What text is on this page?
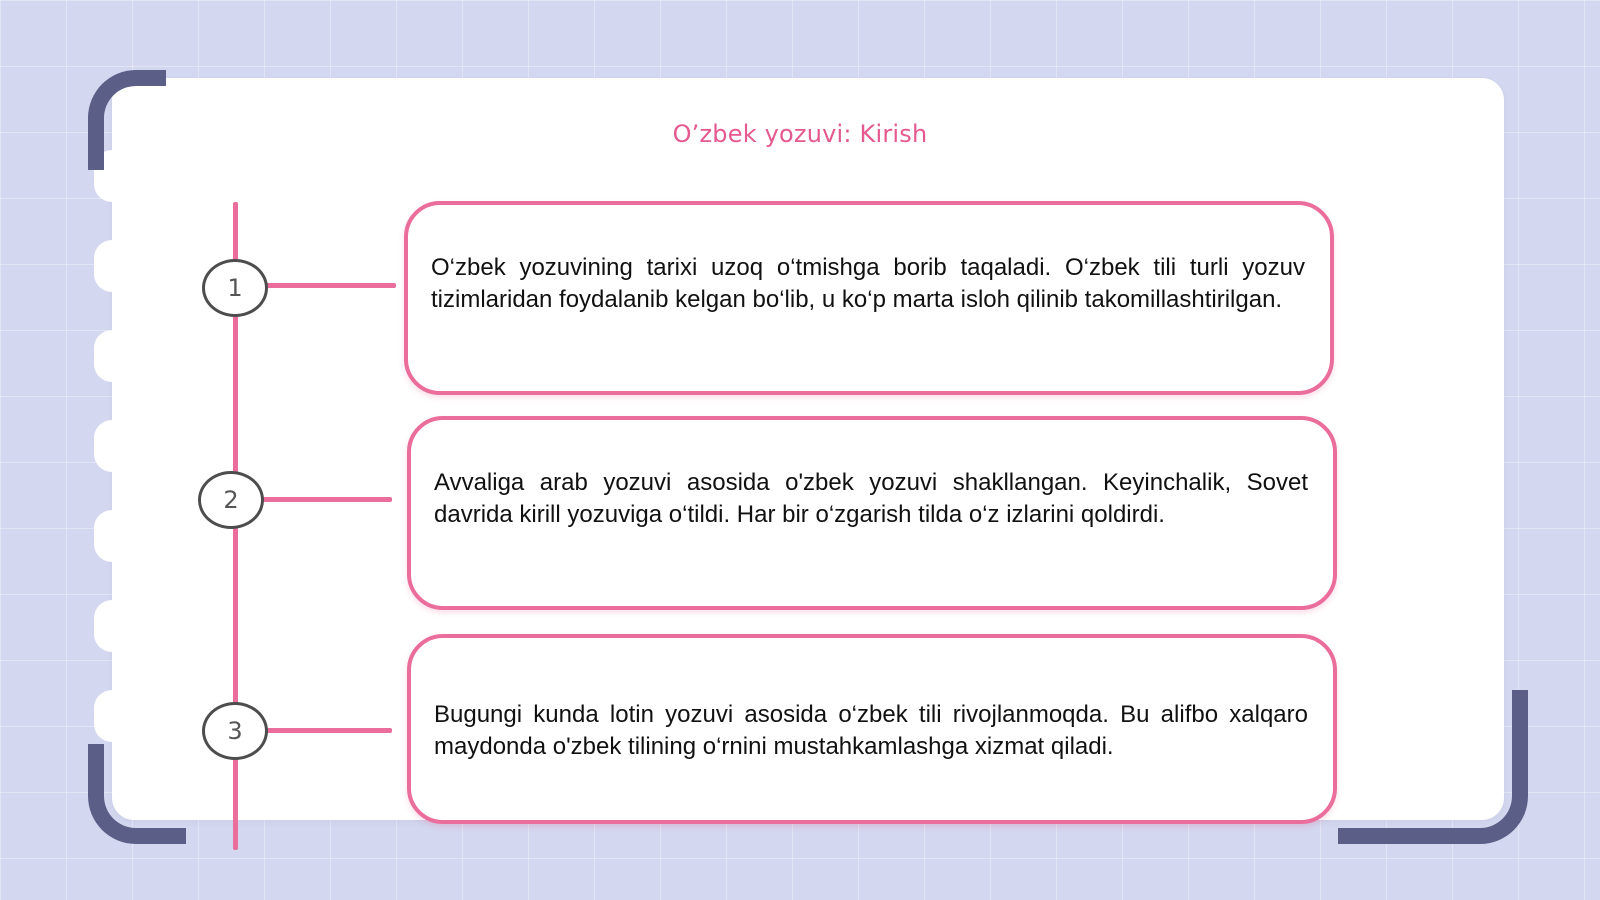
Oʼzbek yozuvi: Kirish
1
O‘zbek yozuvining tarixi uzoq o‘tmishga borib taqaladi. O‘zbek tili turli yozuv tizimlaridan foydalanib kelgan bo‘lib, u ko‘p marta isloh qilinib takomillashtirilgan.
2
Avvaliga arab yozuvi asosida o'zbek yozuvi shakllangan. Keyinchalik, Sovet davrida kirill yozuviga o‘tildi. Har bir o‘zgarish tilda o‘z izlarini qoldirdi.
3
Bugungi kunda lotin yozuvi asosida o‘zbek tili rivojlanmoqda. Bu alifbo xalqaro maydonda o'zbek tilining o‘rnini mustahkamlashga xizmat qiladi.
